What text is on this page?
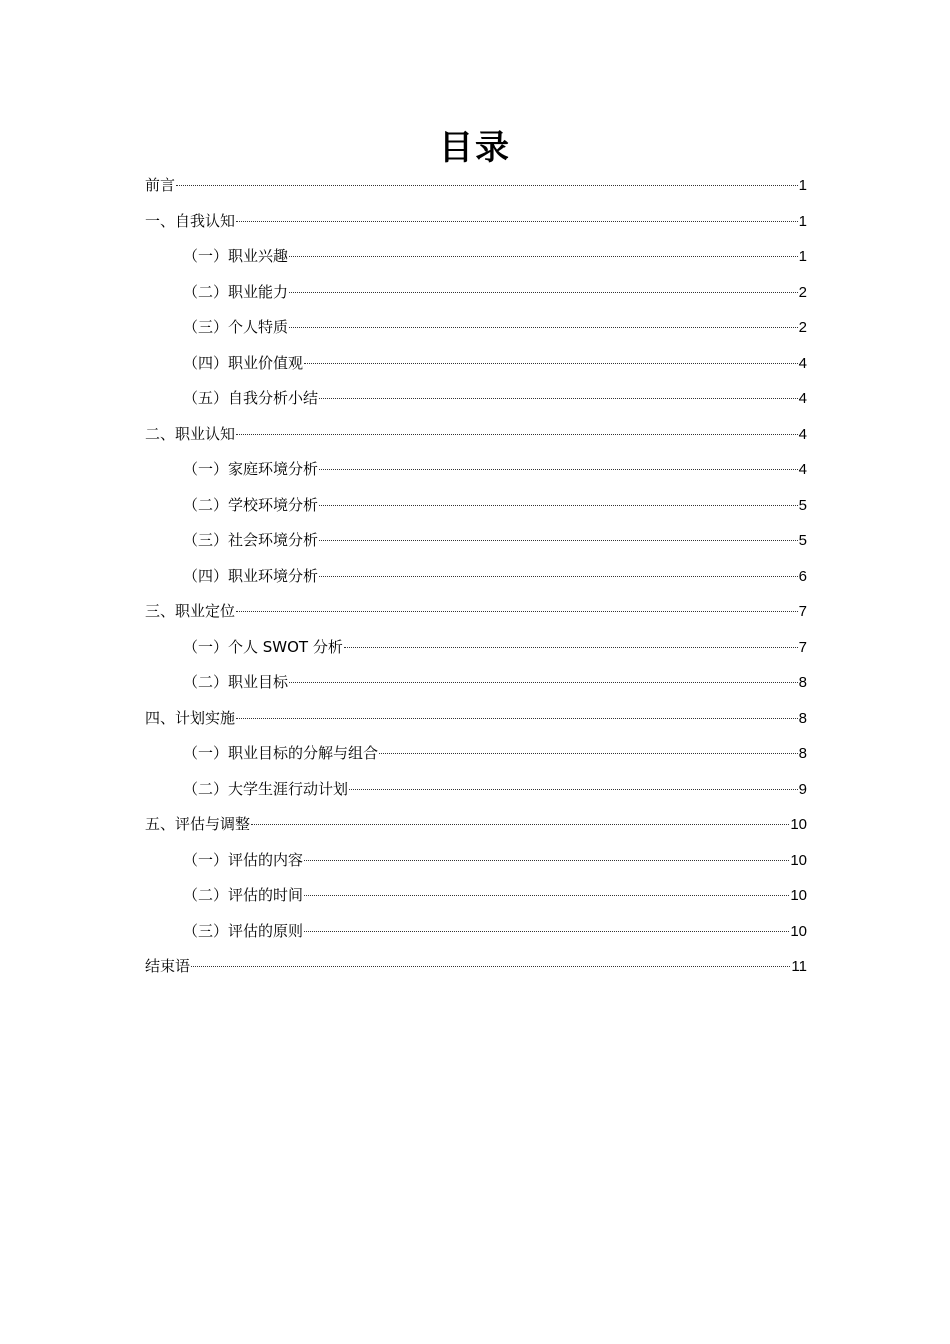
目录
前言	1
一、自我认知	1
（一）职业兴趣	1
（二）职业能力	2
（三）个人特质	2
（四）职业价值观	4
（五）自我分析小结	4
二、职业认知	4
（一）家庭环境分析	4
（二）学校环境分析	5
（三）社会环境分析	5
（四）职业环境分析	6
三、职业定位	7
（一）个人 SWOT 分析	7
（二）职业目标	8
四、计划实施	8
（一）职业目标的分解与组合	8
（二）大学生涯行动计划	9
五、评估与调整	10
（一）评估的内容	10
（二）评估的时间	10
（三）评估的原则	10
结束语	11
